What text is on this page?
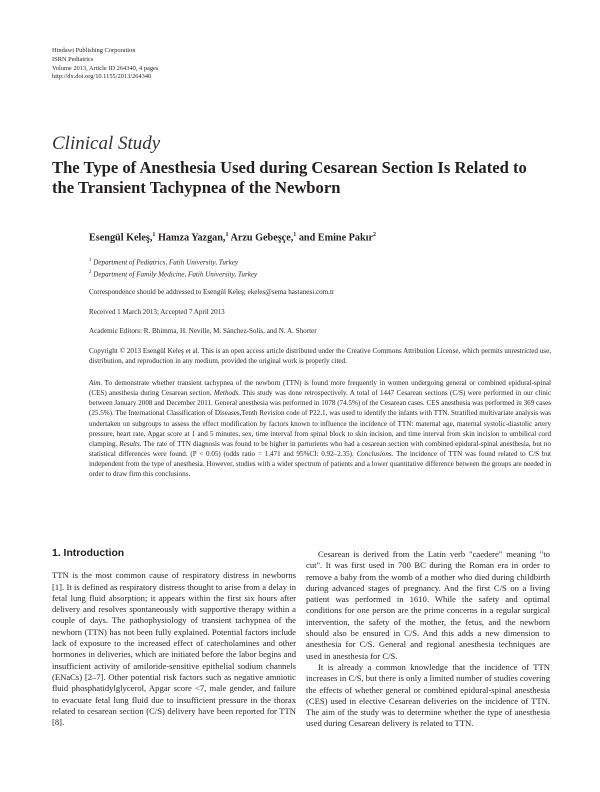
Hindawi Publishing Corporation
ISRN Pediatrics
Volume 2013, Article ID 264340, 4 pages
http://dx.doi.org/10.1155/2013/264340
Clinical Study
The Type of Anesthesia Used during Cesarean Section Is Related to the Transient Tachypnea of the Newborn
Esengül Keleş,$^1$ Hamza Yazgan,$^1$ Arzu Gebeşçe,$^1$ and Emine Pakır$^2$
$^1$ Department of Pediatrics, Fatih University, Turkey
$^2$ Department of Family Medicine, Fatih University, Turkey
Correspondence should be addressed to Esengül Keleş; ekeles@sema hastanesi.com.tr
Received 1 March 2013; Accepted 7 April 2013
Academic Editors: R. Bhimma, H. Neville, M. Sánchez-Solís, and N. A. Shorter
Copyright © 2013 Esengül Keleş et al. This is an open access article distributed under the Creative Commons Attribution License, which permits unrestricted use, distribution, and reproduction in any medium, provided the original work is properly cited.
Aim. To demonstrate whether transient tachypnea of the newborn (TTN) is found more frequently in women undergoing general or combined epidural-spinal (CES) anesthesia during Cesarean section. Methods. This study was done retrospectively. A total of 1447 Cesarean sections (C/S) were performed in our clinic between January 2008 and December 2011. General anesthesia was performed in 1078 (74.5%) of the Cesarean cases. CES anesthesia was performed in 369 cases (25.5%). The International Classification of Diseases,Tenth Revision code of P22.1, was used to identify the infants with TTN. Stratified multivariate analysis was undertaken on subgroups to assess the effect modification by factors known to influence the incidence of TTN: maternal age, maternal systolic-diastolic artery pressure, heart rate, Apgar score at 1 and 5 minutes, sex, time interval from spinal block to skin incision, and time interval from skin incision to umbilical cord clamping. Results. The rate of TTN diagnosis was found to be higher in parturients who had a cesarean section with combined epidural-spinal anesthesia, but no statistical differences were found. (P < 0.05) (odds ratio = 1.471 and 95%CI: 0.92–2.35). Conclusions. The incidence of TTN was found related to C/S but independent from the type of anesthesia. However, studies with a wider spectrum of patients and a lower quantitative difference between the groups are needed in order to draw firm this conclusions.
1. Introduction

TTN is the most common cause of respiratory distress in newborns [1]. It is defined as respiratory distress thought to arise from a delay in fetal lung fluid absorption; it appears within the first six hours after delivery and resolves spontaneously with supportive therapy within a couple of days. The pathophysiology of transient tachypnea of the newborn (TTN) has not been fully explained. Potential factors include lack of exposure to the increased effect of catecholamines and other hormones in deliveries, which are initiated before the labor begins and insufficient activity of amiloride-sensitive epithelial sodium channels (ENaCs) [2–7]. Other potential risk factors such as negative amniotic fluid phosphatidylglycerol, Apgar score <7, male gender, and failure to evacuate fetal lung fluid due to insufficient pressure in the thorax related to cesarean section (C/S) delivery have been reported for TTN [8].

Cesarean is derived from the Latin verb "caedere" meaning "to cut". It was first used in 700 BC during the Roman era in order to remove a baby from the womb of a mother who died during childbirth during advanced stages of pregnancy. And the first C/S on a living patient was performed in 1610. While the safety and optimal conditions for one person are the prime concerns in a regular surgical intervention, the safety of the mother, the fetus, and the newborn should also be ensured in C/S. And this adds a new dimension to anesthesia for C/S. General and regional anesthesia techniques are used in anesthesia for C/S.

It is already a common knowledge that the incidence of TTN increases in C/S, but there is only a limited number of studies covering the effects of whether general or combined epidural-spinal anesthesia (CES) used in elective Cesarean deliveries on the incidence of TTN. The aim of the study was to determine whether the type of anesthesia used during Cesarean delivery is related to TTN.
